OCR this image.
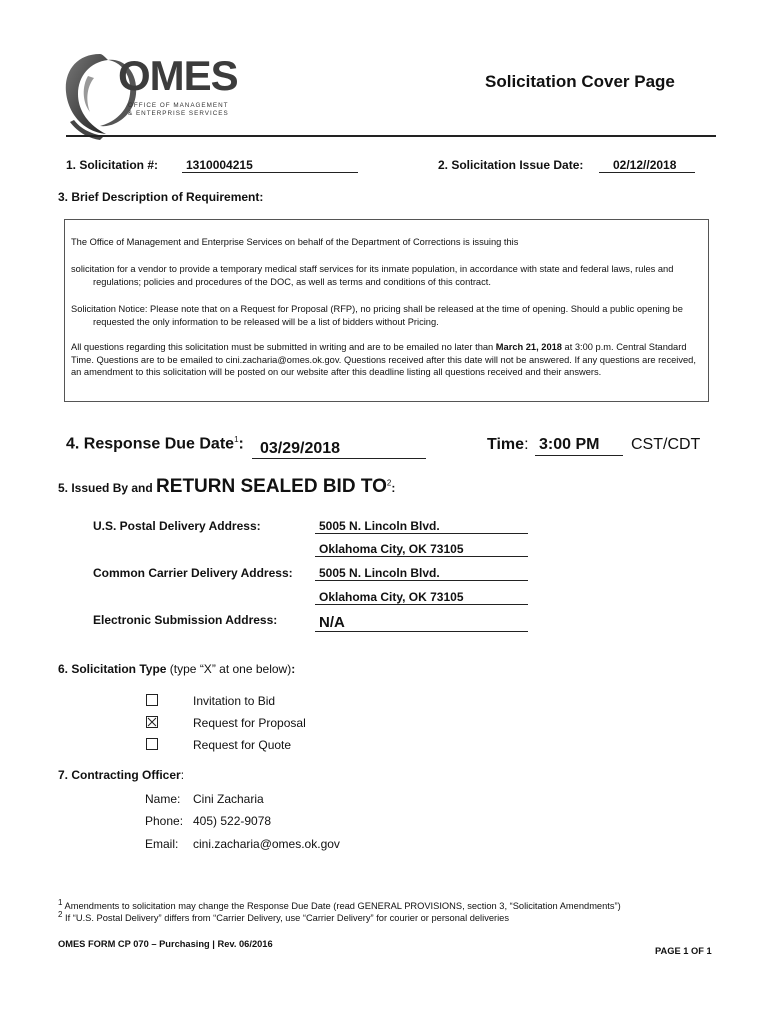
OMES
OFFICE OF MANAGEMENT
& ENTERPRISE SERVICES
Solicitation Cover Page
1. Solicitation #: 1310004215	2. Solicitation Issue Date: 02/12//2018
3. Brief Description of Requirement:
The Office of Management and Enterprise Services on behalf of the Department of Corrections is issuing this
solicitation for a vendor to provide a temporary medical staff services for its inmate population, in accordance with state and federal laws, rules and regulations; policies and procedures of the DOC, as well as terms and conditions of this contract.
Solicitation Notice: Please note that on a Request for Proposal (RFP), no pricing shall be released at the time of opening. Should a public opening be requested the only information to be released will be a list of bidders without Pricing.
All questions regarding this solicitation must be submitted in writing and are to be emailed no later than March 21, 2018 at 3:00 p.m. Central Standard Time. Questions are to be emailed to cini.zacharia@omes.ok.gov. Questions received after this date will not be answered. If any questions are received, an amendment to this solicitation will be posted on our website after this deadline listing all questions received and their answers.
4. Response Due Date$^1$: 03/29/2018	Time: 3:00 PM CST/CDT
5. Issued By and RETURN SEALED BID $TO^2$:
U.S. Postal Delivery Address:	5005 N. Lincoln Blvd.
Oklahoma City, OK 73105
Common Carrier Delivery Address: 5005 N. Lincoln Blvd.
Oklahoma City, OK 73105
Electronic Submission Address:	N/A
6. Solicitation Type (type “X” at one below):
Invitation to Bid
Request for Proposal
Request for Quote
7. Contracting Officer:
Name: Cini Zacharia
Phone: 405) 522-9078
Email: cini.zacharia@omes.ok.gov
$^1$ Amendments to solicitation may change the Response Due Date (read GENERAL PROVISIONS, section 3, “Solicitation Amendments”)
$^2$ If “U.S. Postal Delivery” differs from “Carrier Delivery, use “Carrier Delivery” for courier or personal deliveries
OMES FORM CP 070 – Purchasing | Rev. 06/2016
PAGE 1 OF 1
